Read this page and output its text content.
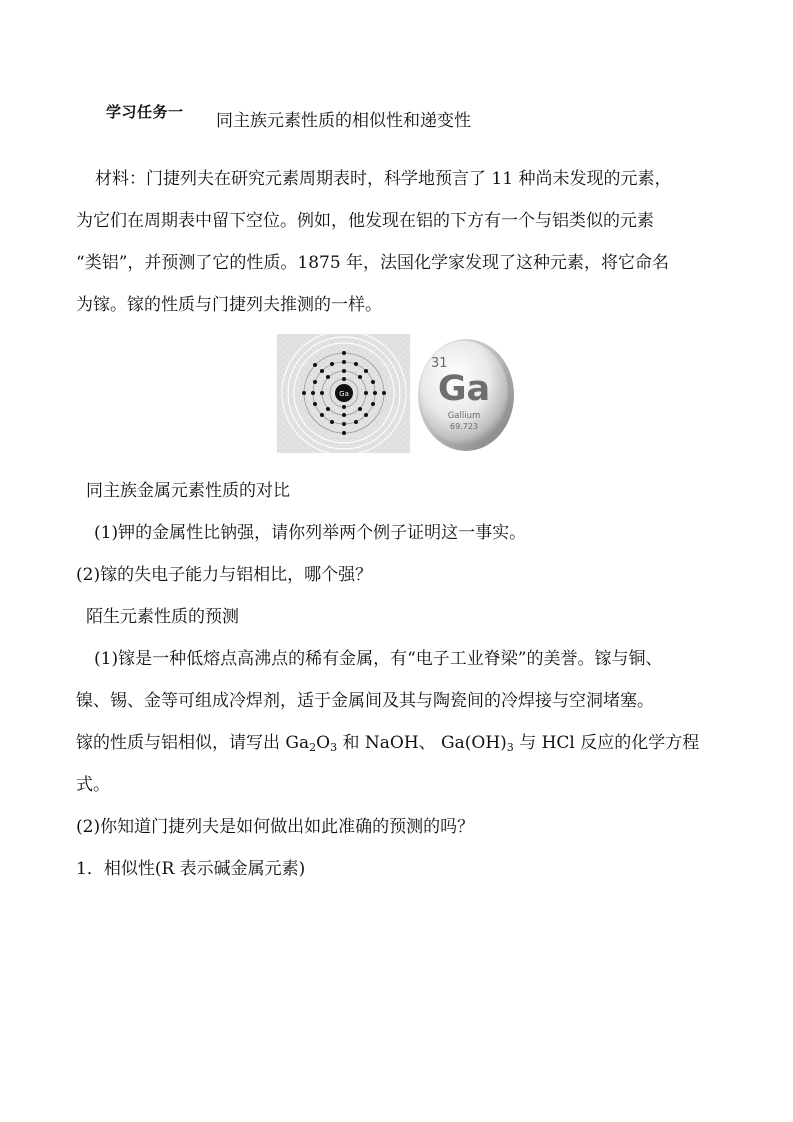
学习任务一 同主族元素性质的相似性和递变性
材料：门捷列夫在研究元素周期表时，科学地预言了 11 种尚未发现的元素，
为它们在周期表中留下空位。例如，他发现在铝的下方有一个与铝类似的元素
“类铝”，并预测了它的性质。1875 年，法国化学家发现了这种元素，将它命名
为镓。镓的性质与门捷列夫推测的一样。
Ga
31
Ga
Gallium
69.723
同主族金属元素性质的对比
(1)钾的金属性比钠强，请你列举两个例子证明这一事实。
(2)镓的失电子能力与铝相比，哪个强？
陌生元素性质的预测
(1)镓是一种低熔点高沸点的稀有金属，有“电子工业脊梁”的美誉。镓与铜、
镍、锡、金等可组成冷焊剂，适于金属间及其与陶瓷间的冷焊接与空洞堵塞。
镓的性质与铝相似，请写出 $Ga_2O_3$ 和 NaOH、 $Ga(OH)_3$ 与 HCl 反应的化学方程
式。
(2)你知道门捷列夫是如何做出如此准确的预测的吗？
1．相似性(R 表示碱金属元素)
